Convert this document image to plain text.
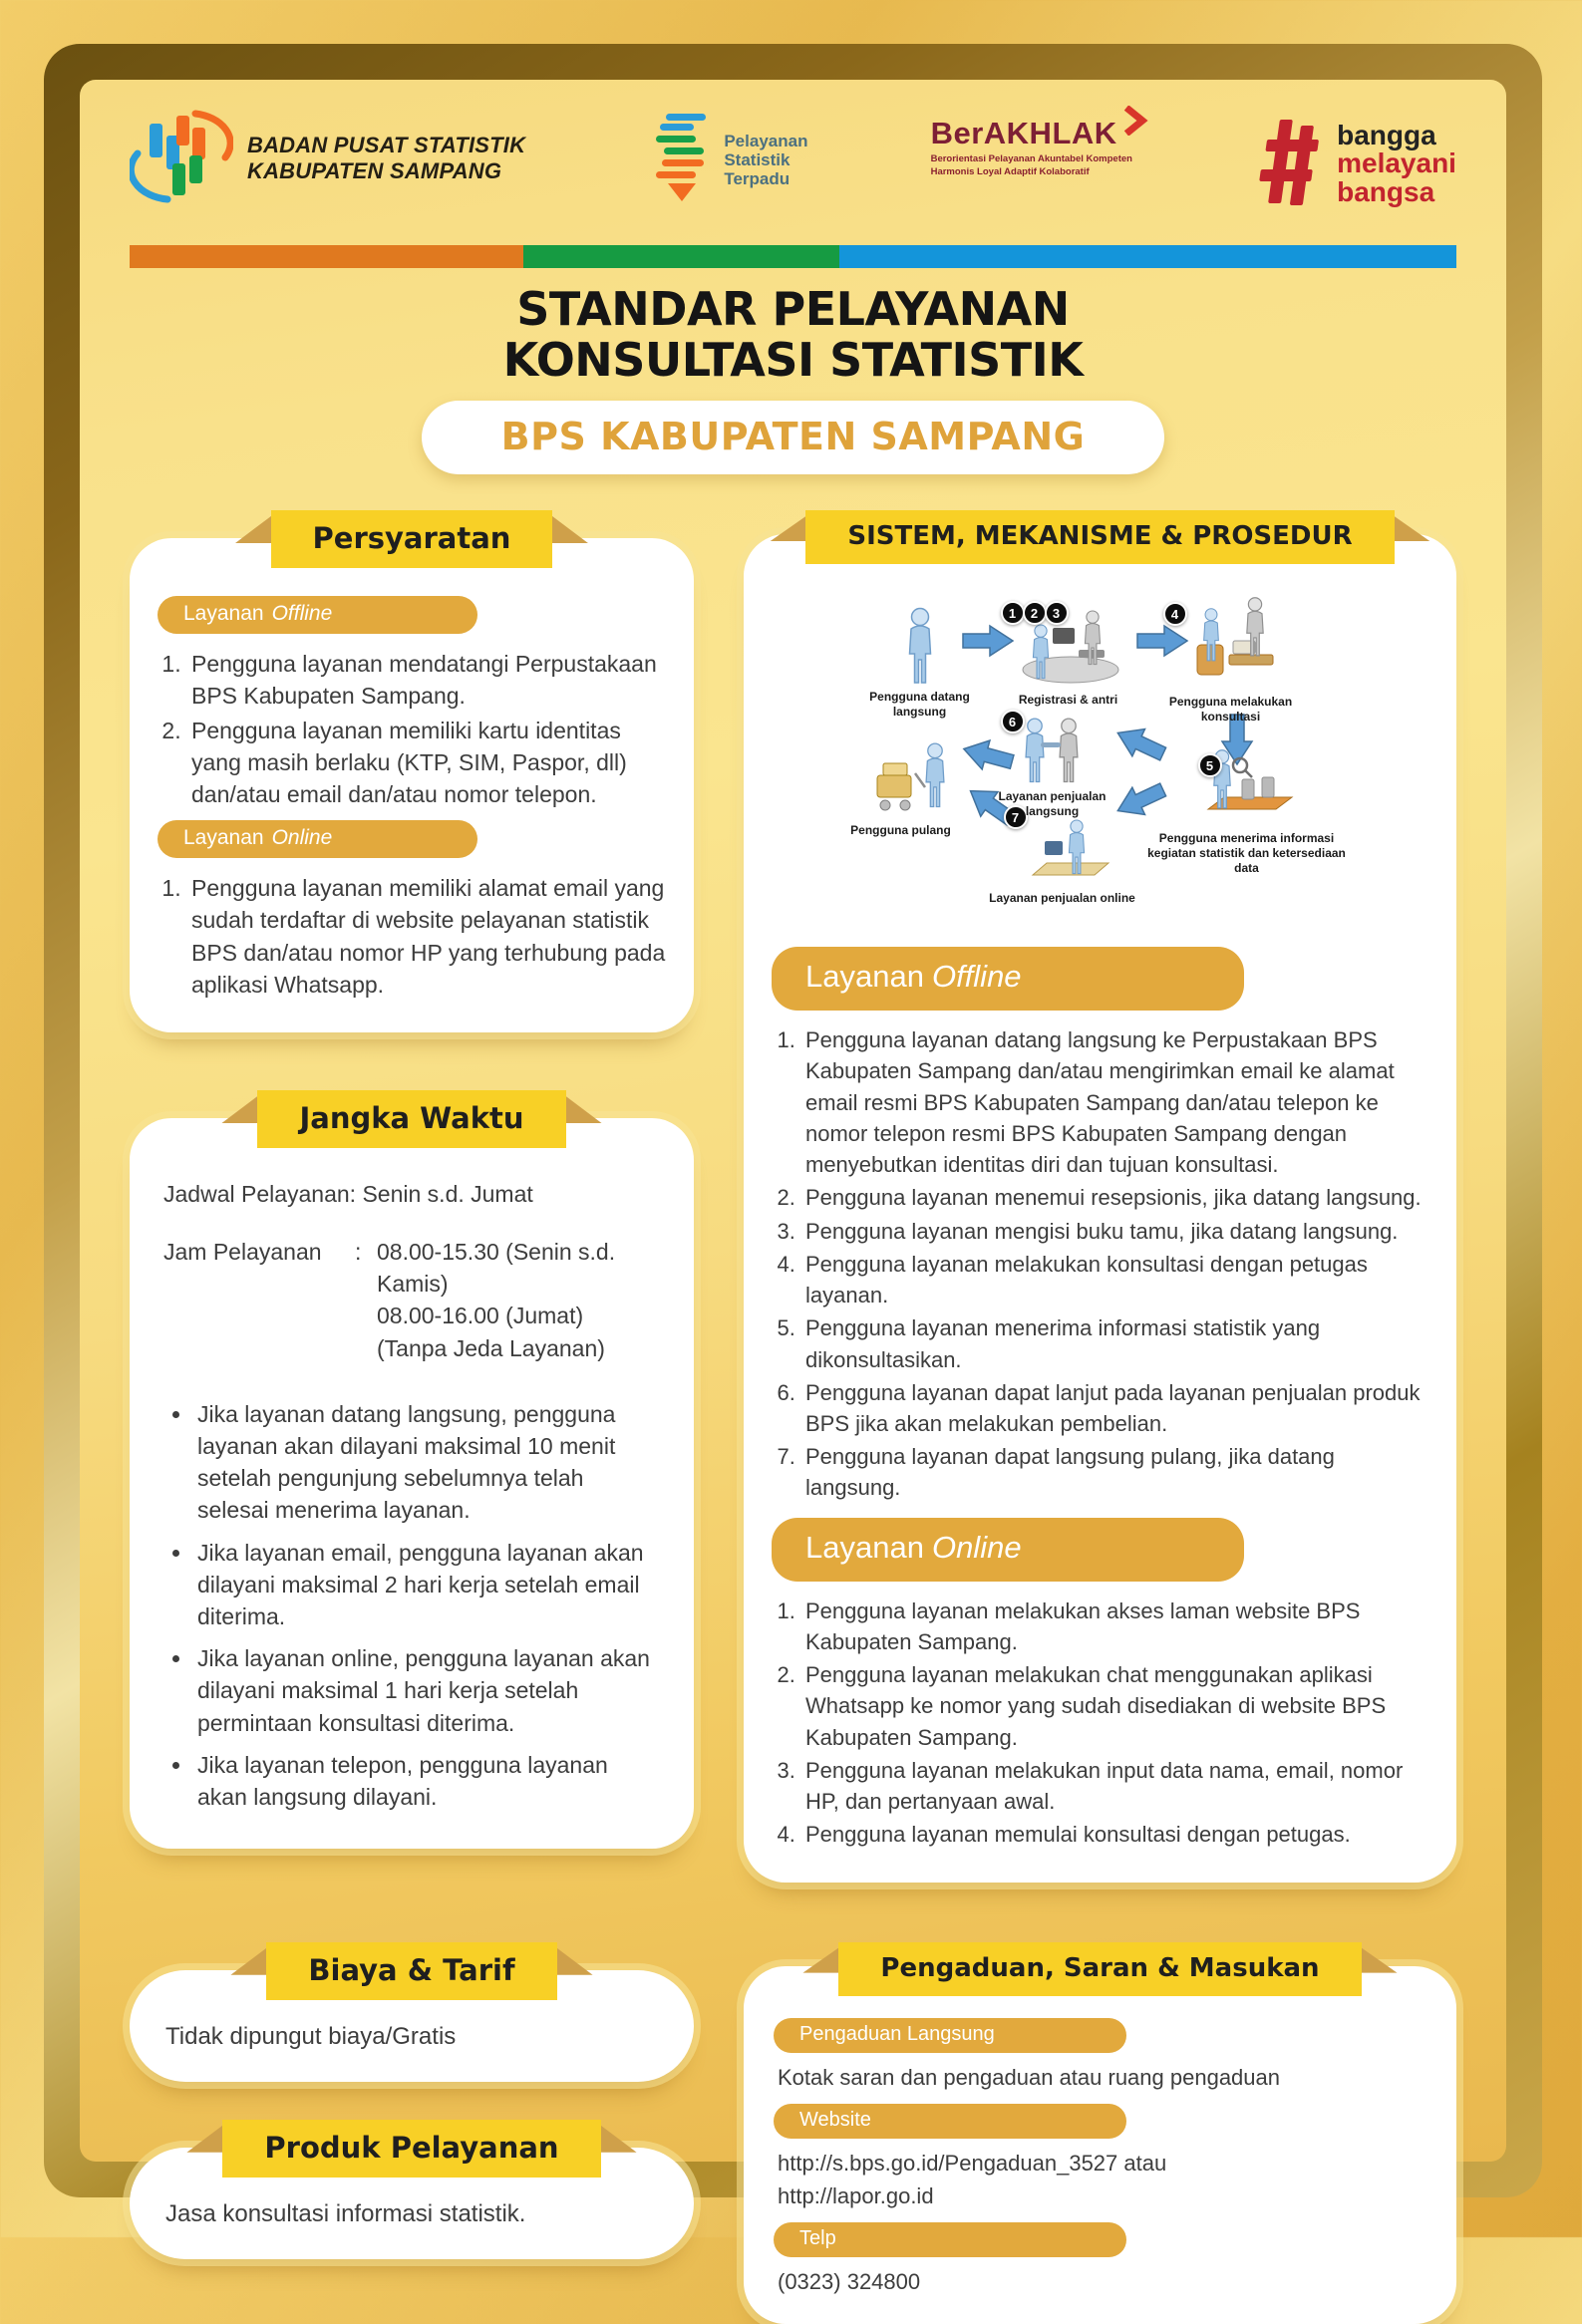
BADAN PUSAT STATISTIK
KABUPATEN SAMPANG
Pelayanan
Statistik
Terpadu
BerAKHLAK
Berorientasi Pelayanan Akuntabel Kompeten
Harmonis Loyal Adaptif Kolaboratif
bangga
melayani
bangsa
STANDAR PELAYANAN
KONSULTASI STATISTIK
BPS KABUPATEN SAMPANG
Persyaratan
Layanan Offline
1. Pengguna layanan mendatangi Perpustakaan BPS Kabupaten Sampang.
2. Pengguna layanan memiliki kartu identitas yang masih berlaku (KTP, SIM, Paspor, dll) dan/atau email dan/atau nomor telepon.
Layanan Online
1. Pengguna layanan memiliki alamat email yang sudah terdaftar di website pelayanan statistik BPS dan/atau nomor HP yang terhubung pada aplikasi Whatsapp.
Jangka Waktu
Jadwal Pelayanan: Senin s.d. Jumat
Jam Pelayanan	: 08.00-15.30 (Senin s.d. Kamis)
08.00-16.00 (Jumat)
(Tanpa Jeda Layanan)
• Jika layanan datang langsung, pengguna layanan akan dilayani maksimal 10 menit setelah pengunjung sebelumnya telah selesai menerima layanan.
• Jika layanan email, pengguna layanan akan dilayani maksimal 2 hari kerja setelah email diterima.
• Jika layanan online, pengguna layanan akan dilayani maksimal 1 hari kerja setelah permintaan konsultasi diterima.
• Jika layanan telepon, pengguna layanan akan langsung dilayani.
SISTEM, MEKANISME & PROSEDUR
1	2	3	4
5
6
7
Pengguna datang langsung
Registrasi & antri	Pengguna melakukan konsultasi
Pengguna menerima informasi kegiatan statistik dan ketersediaan data
Layanan penjualan langsung
Layanan penjualan online
Pengguna pulang
Layanan Offline
1. Pengguna layanan datang langsung ke Perpustakaan BPS Kabupaten Sampang dan/atau mengirimkan email ke alamat email resmi BPS Kabupaten Sampang dan/atau telepon ke nomor telepon resmi BPS Kabupaten Sampang dengan menyebutkan identitas diri dan tujuan konsultasi.
2. Pengguna layanan menemui resepsionis, jika datang langsung.
3. Pengguna layanan mengisi buku tamu, jika datang langsung.
4. Pengguna layanan melakukan konsultasi dengan petugas layanan.
5. Pengguna layanan menerima informasi statistik yang dikonsultasikan.
6. Pengguna layanan dapat lanjut pada layanan penjualan produk BPS jika akan melakukan pembelian.
7. Pengguna layanan dapat langsung pulang, jika datang langsung.
Layanan Online
1. Pengguna layanan melakukan akses laman website BPS Kabupaten Sampang.
2. Pengguna layanan melakukan chat menggunakan aplikasi Whatsapp ke nomor yang sudah disediakan di website BPS Kabupaten Sampang.
3. Pengguna layanan melakukan input data nama, email, nomor HP, dan pertanyaan awal.
4. Pengguna layanan memulai konsultasi dengan petugas.
Biaya & Tarif
Tidak dipungut biaya/Gratis
Produk Pelayanan
Jasa konsultasi informasi statistik.
Pengaduan, Saran & Masukan
Pengaduan Langsung
Kotak saran dan pengaduan atau ruang pengaduan
Website
http://s.bps.go.id/Pengaduan_3527 atau
http://lapor.go.id
Telp
(0323) 324800
